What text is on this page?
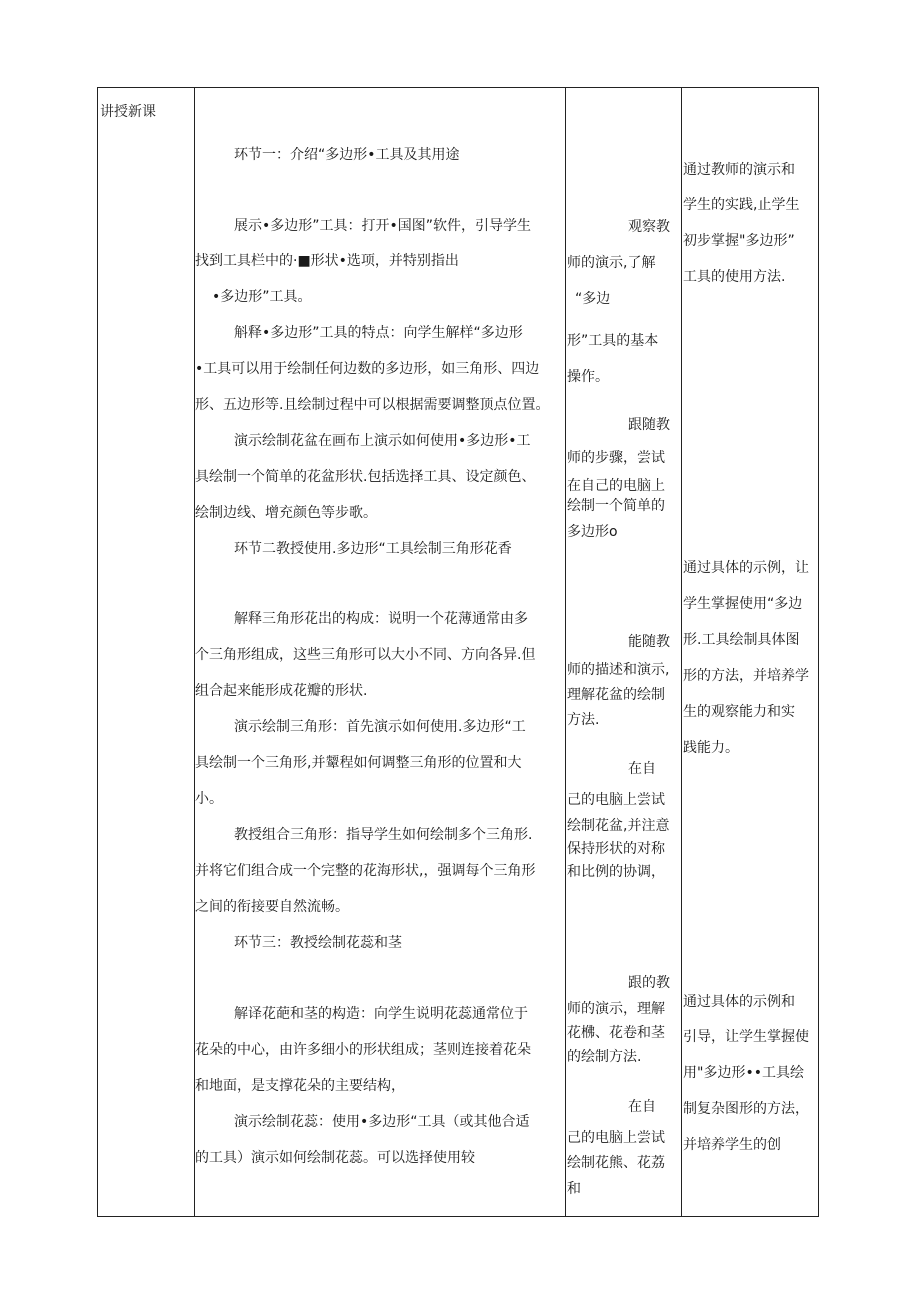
讲授新课
环节一：介绍“多边形•工具及其用途
展示•多边形”工具：打开•国图”软件，引导学生
找到工具栏中的·■形状•选项，并特别指出
•多边形”工具。
斛释•多边形”工具的特点：向学生解样“多边形
•工具可以用于绘制任何边数的多边形，如三角形、四边
形、五边形等.且绘制过程中可以根据需要调整顶点位置。
演示绘制花盆在画布上演示如何使用•多边形•工
具绘制一个简单的花盆形状.包括选择工具、设定颜色、
绘制边线、增充颜色等步歌。
环节二教授使用.多边形“工具绘制三角形花香
解释三角形花岀的构成：说明一个花薄通常由多
个三角形组成，这些三角形可以大小不同、方向各异.但
组合起来能形成花瓣的形状.
演示绘制三角形：首先演示如何使用.多边形“工
具绘制一个三角形,并颦程如何调整三角形的位置和大
小。
教授组合三角形：指导学生如何绘制多个三角形.
并将它们组合成一个完整的花海形状,，强调每个三角形
之间的衔接要自然流畅。
环节三：教授绘制花蕊和茎
解译花葩和茎的构造：向学生说明花蕊通常位于
花朵的中心，由许多细小的形状组成；茎则连接着花朵
和地面，是支撑花朵的主要结构，
演示绘制花蕊：使用•多边形“工具（或其他合适
的工具）演示如何绘制花蕊。可以选择使用较
观察教
师的演示,了解
“多边
形”工具的基本
操作。
跟随教
师的步骤，尝试
在自己的电脑上
绘制一个简单的
多边形o
能随教
师的描述和演示,
理解花盆的绘制
方法.
在自
己的电脑上尝试
绘制花盆,并注意
保持形状的对称
和比例的协调，
跟的教
师的演示，理解
花梻、花卷和茎
的绘制方法.
在自
己的电脑上尝试
绘制花熊、花荔
和
通过教师的演示和
学生的实践,止学生
初步掌握"多边形”
工具的使用方法.
通过具体的示例，让
学生掌握使用“多边
形.工具绘制具体图
形的方法，并培养学
生的观察能力和实
践能力。
通过具体的示例和
引导，让学生掌握使
用"多边形••工具绘
制复杂图形的方法，
并培养学生的创
